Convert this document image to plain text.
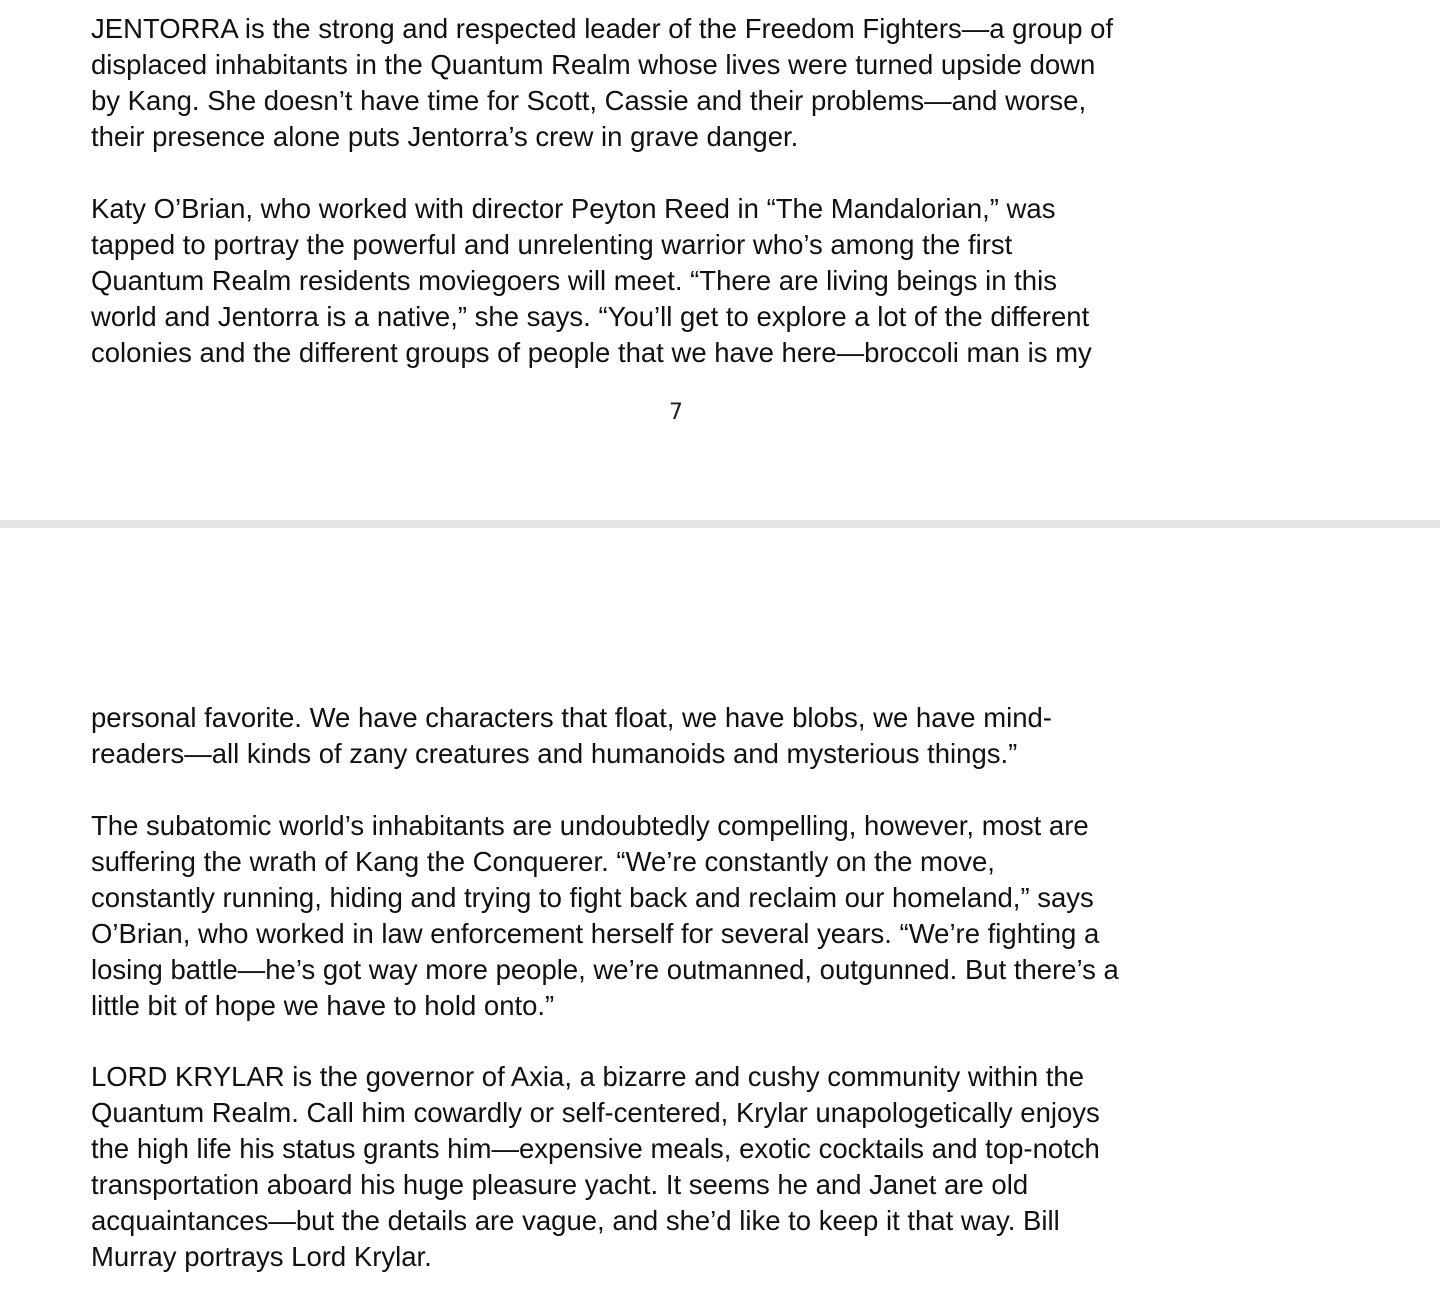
JENTORRA is the strong and respected leader of the Freedom Fighters—a group of
displaced inhabitants in the Quantum Realm whose lives were turned upside down
by Kang. She doesn’t have time for Scott, Cassie and their problems—and worse,
their presence alone puts Jentorra’s crew in grave danger.

Katy O’Brian, who worked with director Peyton Reed in “The Mandalorian,” was
tapped to portray the powerful and unrelenting warrior who’s among the first
Quantum Realm residents moviegoers will meet. “There are living beings in this
world and Jentorra is a native,” she says. “You’ll get to explore a lot of the different
colonies and the different groups of people that we have here—broccoli man is my

7

personal favorite. We have characters that float, we have blobs, we have mind-
readers—all kinds of zany creatures and humanoids and mysterious things.”

The subatomic world’s inhabitants are undoubtedly compelling, however, most are
suffering the wrath of Kang the Conquerer. “We’re constantly on the move,
constantly running, hiding and trying to fight back and reclaim our homeland,” says
O’Brian, who worked in law enforcement herself for several years. “We’re fighting a
losing battle—he’s got way more people, we’re outmanned, outgunned. But there’s a
little bit of hope we have to hold onto.”

LORD KRYLAR is the governor of Axia, a bizarre and cushy community within the
Quantum Realm. Call him cowardly or self-centered, Krylar unapologetically enjoys
the high life his status grants him—expensive meals, exotic cocktails and top-notch
transportation aboard his huge pleasure yacht. It seems he and Janet are old
acquaintances—but the details are vague, and she’d like to keep it that way. Bill
Murray portrays Lord Krylar.
